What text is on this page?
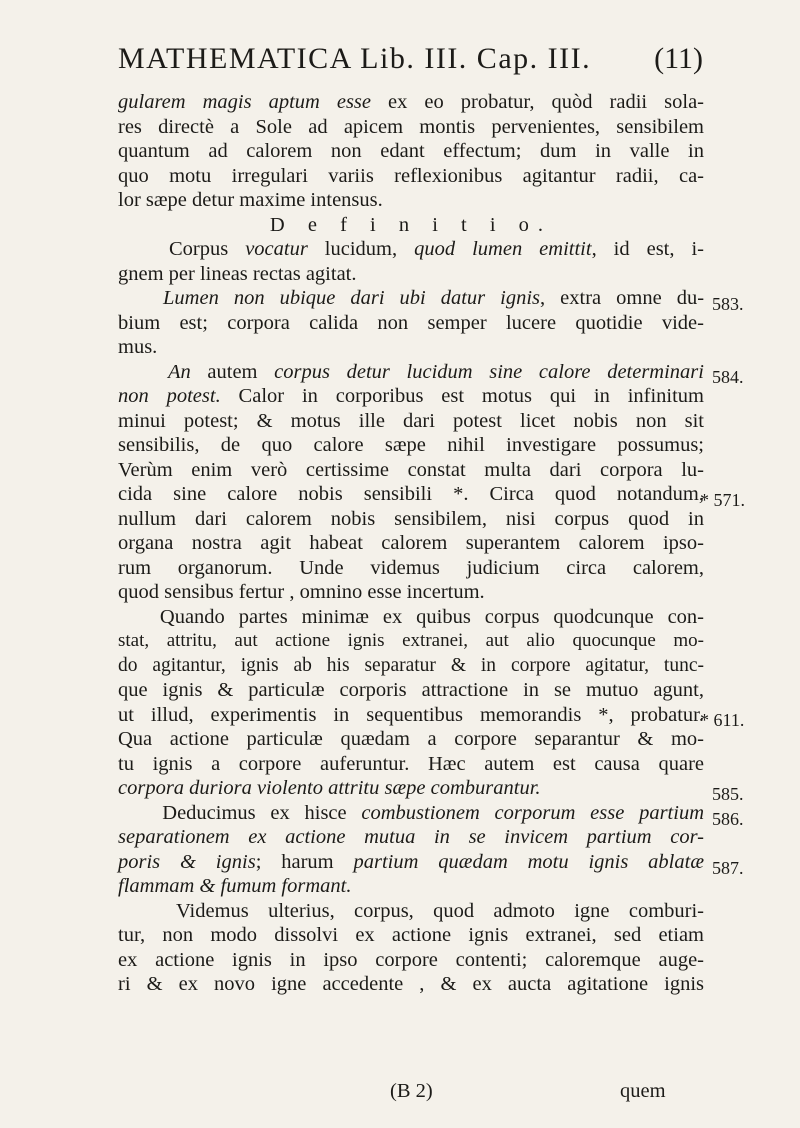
MATHEMATICA Lib. III. Cap. III. (11)
gularem magis aptum esse ex eo probatur, quòd radii sola-
res directè a Sole ad apicem montis pervenientes, sensibilem
quantum ad calorem non edant effectum; dum in valle in
quo motu irregulari variis reflexionibus agitantur radii, ca-
lor sæpe detur maxime intensus.
D e f i n i t i o.
Corpus vocatur lucidum, quod lumen emittit, id est, i-
gnem per lineas rectas agitat.
Lumen non ubique dari ubi datur ignis, extra omne du-
bium est; corpora calida non semper lucere quotidie vide-
mus.
An autem corpus detur lucidum sine calore determinari
non potest. Calor in corporibus est motus qui in infinitum
minui potest; & motus ille dari potest licet nobis non sit
sensibilis, de quo calore sæpe nihil investigare possumus;
Verùm enim verò certissime constat multa dari corpora lu-
cida sine calore nobis sensibili *. Circa quod notandum,
nullum dari calorem nobis sensibilem, nisi corpus quod in
organa nostra agit habeat calorem superantem calorem ipso-
rum organorum. Unde videmus judicium circa calorem,
quod sensibus fertur , omnino esse incertum.
Quando partes minimæ ex quibus corpus quodcunque con-
stat, attritu, aut actione ignis extranei, aut alio quocunque mo-
do agitantur, ignis ab his separatur & in corpore agitatur, tunc-
que ignis & particulæ corporis attractione in se mutuo agunt,
ut illud, experimentis in sequentibus memorandis *, probatur.
Qua actione particulæ quædam a corpore separantur & mo-
tu ignis a corpore auferuntur. Hæc autem est causa quare
corpora duriora violento attritu sæpe comburantur.
Deducimus ex hisce combustionem corporum esse partium
separationem ex actione mutua in se invicem partium cor-
poris & ignis; harum partium quædam motu ignis ablatæ
flammam & fumum formant.
Videmus ulterius, corpus, quod admoto igne comburi-
tur, non modo dissolvi ex actione ignis extranei, sed etiam
ex actione ignis in ipso corpore contenti; caloremque auge-
ri & ex novo igne accedente , & ex aucta agitatione ignis
583.
584.
* 571.
* 611.
585.
586.
587.
(B 2)	quem
